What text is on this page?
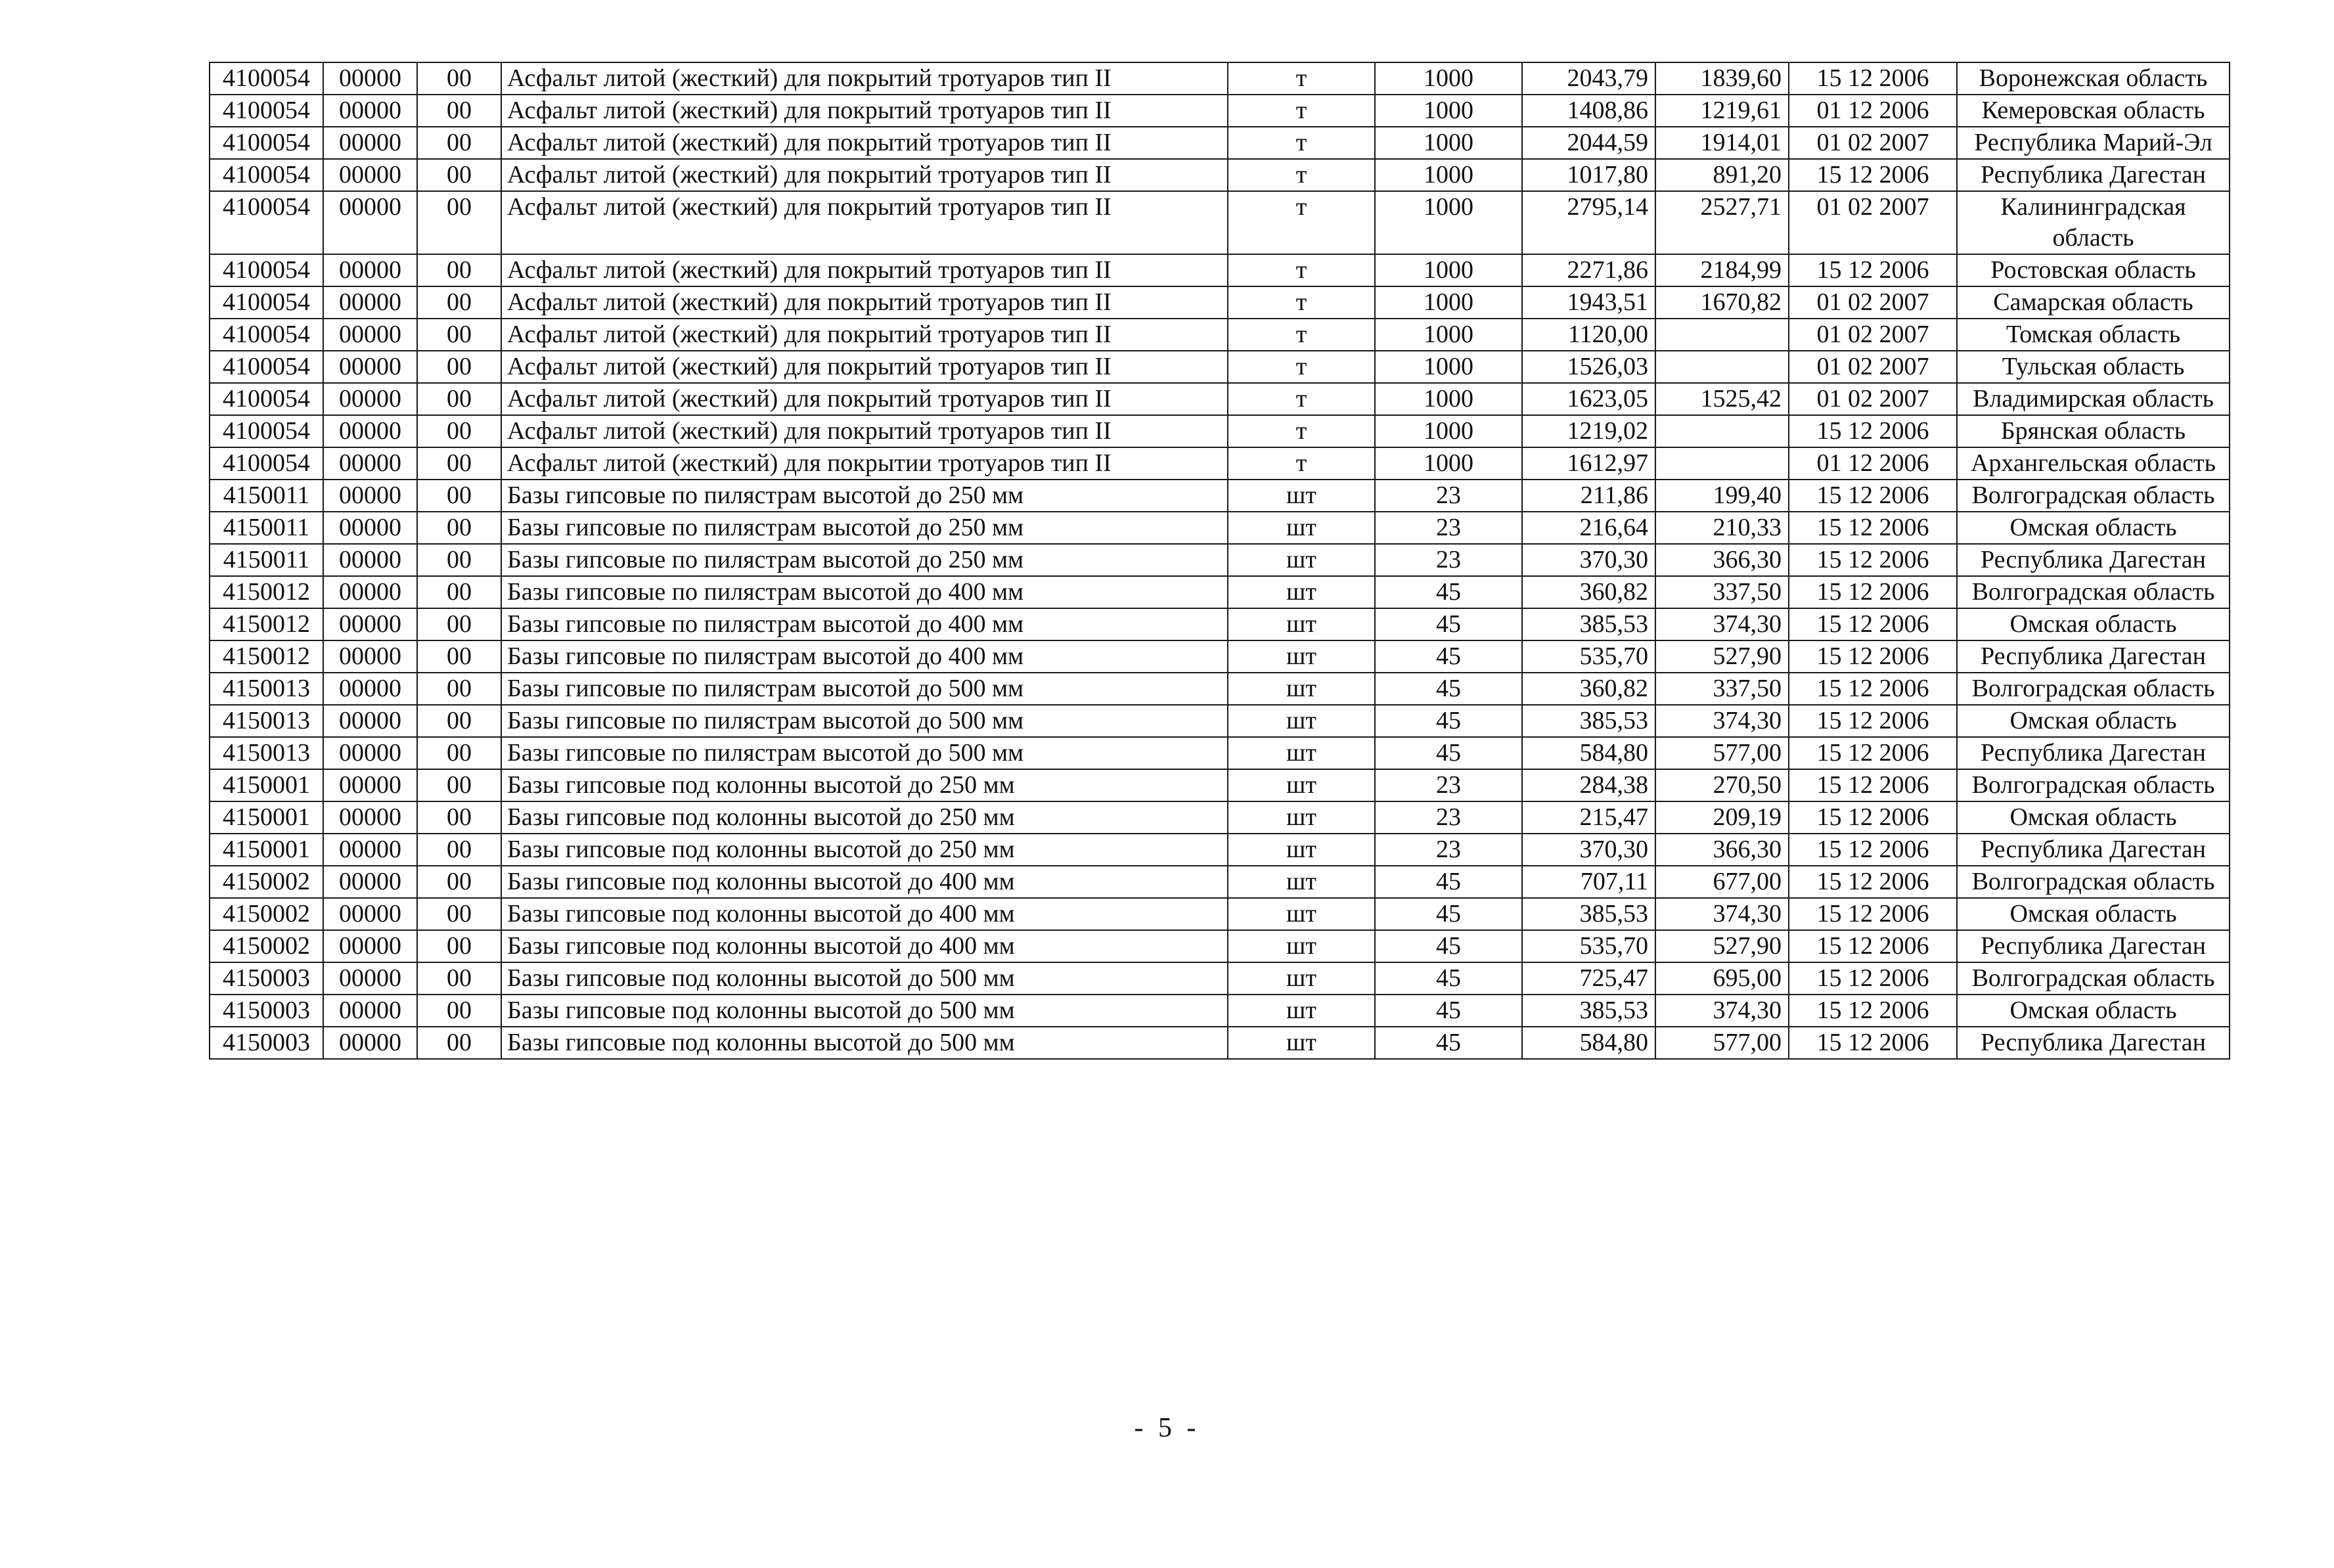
4100054	00000	00	Асфальт литой (жесткий) для покрытий тротуаров тип II	т	1000	2043,79	1839,60	15 12 2006	Воронежская область
4100054	00000	00	Асфальт литой (жесткий) для покрытий тротуаров тип II	т	1000	1408,86	1219,61	01 12 2006	Кемеровская область
4100054	00000	00	Асфальт литой (жесткий) для покрытий тротуаров тип II	т	1000	2044,59	1914,01	01 02 2007	Республика Марий-Эл
4100054	00000	00	Асфальт литой (жесткий) для покрытий тротуаров тип II	т	1000	1017,80	891,20	15 12 2006	Республика Дагестан
4100054	00000	00	Асфальт литой (жесткий) для покрытий тротуаров тип II	т	1000	2795,14	2527,71	01 02 2007	Калининградская область
4100054	00000	00	Асфальт литой (жесткий) для покрытий тротуаров тип II	т	1000	2271,86	2184,99	15 12 2006	Ростовская область
4100054	00000	00	Асфальт литой (жесткий) для покрытий тротуаров тип II	т	1000	1943,51	1670,82	01 02 2007	Самарская область
4100054	00000	00	Асфальт литой (жесткий) для покрытий тротуаров тип II	т	1000	1120,00		01 02 2007	Томская область
4100054	00000	00	Асфальт литой (жесткий) для покрытий тротуаров тип II	т	1000	1526,03		01 02 2007	Тульская область
4100054	00000	00	Асфальт литой (жесткий) для покрытий тротуаров тип II	т	1000	1623,05	1525,42	01 02 2007	Владимирская область
4100054	00000	00	Асфальт литой (жесткий) для покрытий тротуаров тип II	т	1000	1219,02		15 12 2006	Брянская область
4100054	00000	00	Асфальт литой (жесткий) для покрытии тротуаров тип II	т	1000	1612,97		01 12 2006	Архангельская область
4150011	00000	00	Базы гипсовые по пилястрам высотой до 250 мм	шт	23	211,86	199,40	15 12 2006	Волгоградская область
4150011	00000	00	Базы гипсовые по пилястрам высотой до 250 мм	шт	23	216,64	210,33	15 12 2006	Омская область
4150011	00000	00	Базы гипсовые по пилястрам высотой до 250 мм	шт	23	370,30	366,30	15 12 2006	Республика Дагестан
4150012	00000	00	Базы гипсовые по пилястрам высотой до 400 мм	шт	45	360,82	337,50	15 12 2006	Волгоградская область
4150012	00000	00	Базы гипсовые по пилястрам высотой до 400 мм	шт	45	385,53	374,30	15 12 2006	Омская область
4150012	00000	00	Базы гипсовые по пилястрам высотой до 400 мм	шт	45	535,70	527,90	15 12 2006	Республика Дагестан
4150013	00000	00	Базы гипсовые по пилястрам высотой до 500 мм	шт	45	360,82	337,50	15 12 2006	Волгоградская область
4150013	00000	00	Базы гипсовые по пилястрам высотой до 500 мм	шт	45	385,53	374,30	15 12 2006	Омская область
4150013	00000	00	Базы гипсовые по пилястрам высотой до 500 мм	шт	45	584,80	577,00	15 12 2006	Республика Дагестан
4150001	00000	00	Базы гипсовые под колонны высотой до 250 мм	шт	23	284,38	270,50	15 12 2006	Волгоградская область
4150001	00000	00	Базы гипсовые под колонны высотой до 250 мм	шт	23	215,47	209,19	15 12 2006	Омская область
4150001	00000	00	Базы гипсовые под колонны высотой до 250 мм	шт	23	370,30	366,30	15 12 2006	Республика Дагестан
4150002	00000	00	Базы гипсовые под колонны высотой до 400 мм	шт	45	707,11	677,00	15 12 2006	Волгоградская область
4150002	00000	00	Базы гипсовые под колонны высотой до 400 мм	шт	45	385,53	374,30	15 12 2006	Омская область
4150002	00000	00	Базы гипсовые под колонны высотой до 400 мм	шт	45	535,70	527,90	15 12 2006	Республика Дагестан
4150003	00000	00	Базы гипсовые под колонны высотой до 500 мм	шт	45	725,47	695,00	15 12 2006	Волгоградская область
4150003	00000	00	Базы гипсовые под колонны высотой до 500 мм	шт	45	385,53	374,30	15 12 2006	Омская область
4150003	00000	00	Базы гипсовые под колонны высотой до 500 мм	шт	45	584,80	577,00	15 12 2006	Республика Дагестан
- 5 -
